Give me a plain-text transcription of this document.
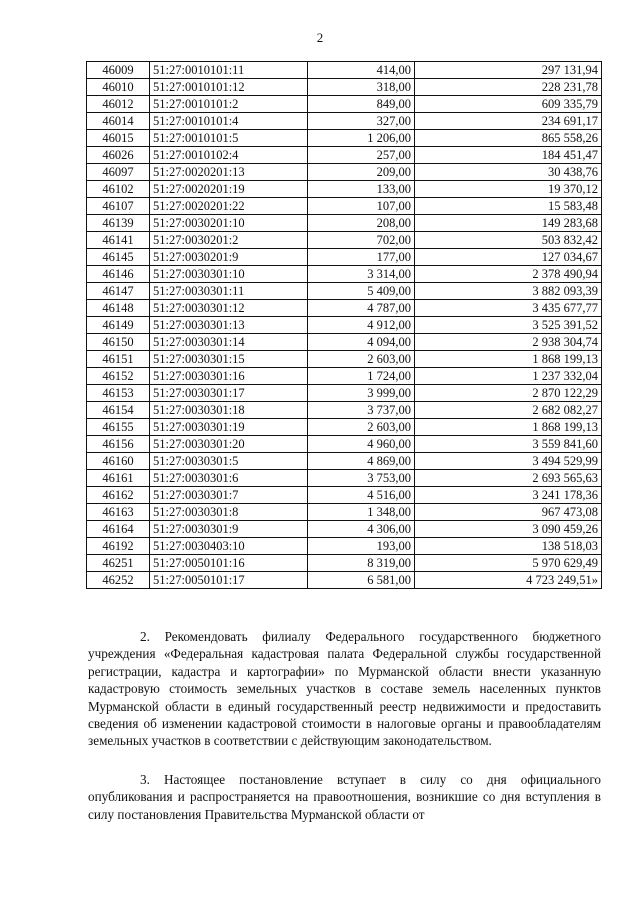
2
46009	51:27:0010101:11	414,00	297 131,94
46010	51:27:0010101:12	318,00	228 231,78
46012	51:27:0010101:2	849,00	609 335,79
46014	51:27:0010101:4	327,00	234 691,17
46015	51:27:0010101:5	1 206,00	865 558,26
46026	51:27:0010102:4	257,00	184 451,47
46097	51:27:0020201:13	209,00	30 438,76
46102	51:27:0020201:19	133,00	19 370,12
46107	51:27:0020201:22	107,00	15 583,48
46139	51:27:0030201:10	208,00	149 283,68
46141	51:27:0030201:2	702,00	503 832,42
46145	51:27:0030201:9	177,00	127 034,67
46146	51:27:0030301:10	3 314,00	2 378 490,94
46147	51:27:0030301:11	5 409,00	3 882 093,39
46148	51:27:0030301:12	4 787,00	3 435 677,77
46149	51:27:0030301:13	4 912,00	3 525 391,52
46150	51:27:0030301:14	4 094,00	2 938 304,74
46151	51:27:0030301:15	2 603,00	1 868 199,13
46152	51:27:0030301:16	1 724,00	1 237 332,04
46153	51:27:0030301:17	3 999,00	2 870 122,29
46154	51:27:0030301:18	3 737,00	2 682 082,27
46155	51:27:0030301:19	2 603,00	1 868 199,13
46156	51:27:0030301:20	4 960,00	3 559 841,60
46160	51:27:0030301:5	4 869,00	3 494 529,99
46161	51:27:0030301:6	3 753,00	2 693 565,63
46162	51:27:0030301:7	4 516,00	3 241 178,36
46163	51:27:0030301:8	1 348,00	967 473,08
46164	51:27:0030301:9	4 306,00	3 090 459,26
46192	51:27:0030403:10	193,00	138 518,03
46251	51:27:0050101:16	8 319,00	5 970 629,49
46252	51:27:0050101:17	6 581,00	4 723 249,51»

2. Рекомендовать филиалу Федерального государственного бюджетного учреждения «Федеральная кадастровая палата Федеральной службы государственной регистрации, кадастра и картографии» по Мурманской области внести указанную кадастровую стоимость земельных участков в составе земель населенных пунктов Мурманской области в единый государственный реестр недвижимости и предоставить сведения об изменении кадастровой стоимости в налоговые органы и правообладателям земельных участков в соответствии с действующим законодательством.

3. Настоящее постановление вступает в силу со дня официального опубликования и распространяется на правоотношения, возникшие со дня вступления в силу постановления Правительства Мурманской области от
